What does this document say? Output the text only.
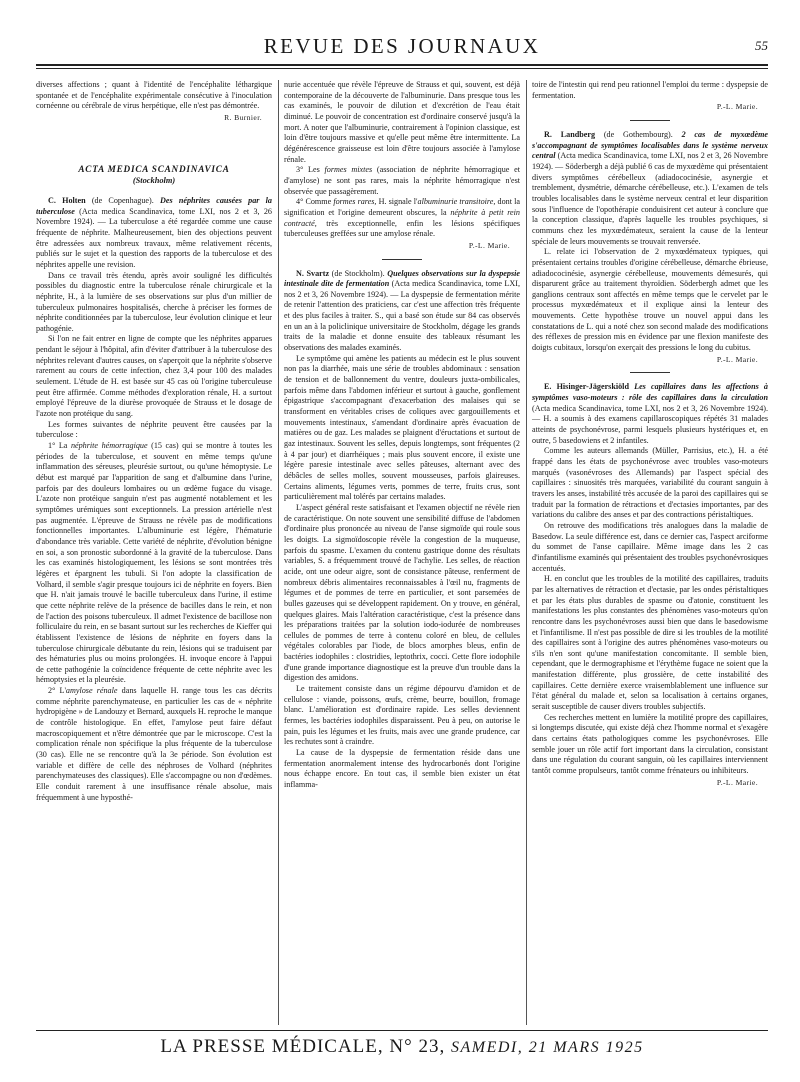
REVUE DES JOURNAUX	55

diverses affections ; quant à l'identité de l'encéphalite léthargique spontanée et de l'encéphalite expérimentale consécutive à l'inoculation cornéenne ou cérébrale de virus herpétique, elle n'est pas démontrée.

R. Burnier.
ACTA MEDICA SCANDINAVICA
(Stockholm)

C. Holten (de Copenhague). Des néphrites causées par la tuberculose (Acta medica Scandinavica, tome LXI, nos 2 et 3, 26 Novembre 1924). — La tuberculose a été regardée comme une cause fréquente de néphrite. Malheureusement, bien des objections peuvent être adressées aux nombreux travaux, même relativement récents, publiés sur le sujet et la question des rapports de la tuberculose et des néphrites appelle une revision.

Dans ce travail très étendu, après avoir souligné les difficultés possibles du diagnostic entre la tuberculose rénale chirurgicale et la néphrite, H., à la lumière de ses observations sur plus d'un millier de tuberculeux pulmonaires hospitalisés, cherche à préciser les formes de néphrite conditionnées par la tuberculose, leur évolution clinique et leur pathogénie.

Si l'on ne fait entrer en ligne de compte que les néphrites apparues pendant le séjour à l'hôpital, afin d'éviter d'attribuer à la tuberculose des néphrites relevant d'autres causes, on s'aperçoit que la néphrite s'observe rarement au cours de cette infection, chez 3,4 pour 100 des malades seulement. L'étude de H. est basée sur 45 cas où l'origine tuberculeuse peut être affirmée. Comme méthodes d'exploration rénale, H. a surtout employé l'épreuve de la diurèse provoquée de Strauss et le dosage de l'azote non protéique du sang.

Les formes suivantes de néphrite peuvent être causées par la tuberculose :

1° La néphrite hémorragique (15 cas) qui se montre à toutes les périodes de la tuberculose, et souvent en même temps qu'une inflammation des séreuses, pleurésie surtout, ou qu'une hémoptysie. Le début est marqué par l'apparition de sang et d'albumine dans l'urine, parfois par des douleurs lombaires ou un œdème fugace du visage. L'azote non protéique sanguin n'est pas augmenté notablement et les symptômes urémiques sont exceptionnels. La pression artérielle n'est pas augmentée. L'épreuve de Strauss ne révèle pas de modifications fonctionnelles importantes. L'albuminurie est légère, l'hématurie d'abondance très variable. Cette variété de néphrite, d'évolution bénigne en soi, a son pronostic subordonné à la gravité de la tuberculose. Dans les cas examinés histologiquement, les lésions se sont montrées très légères et épargnent les tubuli. Si l'on adopte la classification de Volhard, il semble s'agir presque toujours ici de néphrite en foyers. Bien que H. n'ait jamais trouvé le bacille tuberculeux dans l'urine, il estime que cette néphrite relève de la présence de bacilles dans le rein, et non de l'action des poisons tuberculeux. Il admet l'existence de bacillose non folliculaire du rein, en se basant surtout sur les recherches de Kieffer qui établissent l'existence de lésions de néphrite en foyers dans la tuberculose chirurgicale débutante du rein, lésions qui se traduisent par des hématuries plus ou moins prolongées. H. invoque encore à l'appui de cette pathogénie la coïncidence fréquente de cette néphrite avec les hémoptysies et la pleurésie.

2° L'amylose rénale dans laquelle H. range tous les cas décrits comme néphrite parenchymateuse, en particulier les cas de « néphrite hydropigène » de Landouzy et Bernard, auxquels H. reproche le manque de contrôle histologique. En effet, l'amylose peut faire défaut macroscopiquement et n'être démontrée que par le microscope. C'est la complication rénale non spécifique la plus fréquente de la tuberculose (30 cas). Elle ne se rencontre qu'à la 3e période. Son évolution est variable et diffère de celle des néphroses de Volhard (néphrites parenchymateuses des classiques). Elle s'accompagne ou non d'œdèmes. Elle conduit rarement à une insuffisance rénale absolue, mais fréquemment à une hyposthé-

nurie accentuée que révèle l'épreuve de Strauss et qui, souvent, est déjà contemporaine de la découverte de l'albuminurie. Dans presque tous les cas examinés, le pouvoir de dilution et d'excrétion de l'eau était diminué. Le pouvoir de concentration est d'ordinaire conservé jusqu'à la mort. A noter que l'albuminurie, contrairement à l'opinion classique, est loin d'être toujours massive et qu'elle peut même être intermittente. La dégénérescence graisseuse est loin d'être toujours associée à l'amylose rénale.

3° Les formes mixtes (association de néphrite hémorragique et d'amylose) ne sont pas rares, mais la néphrite hémorragique n'est observée que passagèrement.

4° Comme formes rares, H. signale l'albuminurie transitoire, dont la signification et l'origine demeurent obscures, la néphrite à petit rein contracté, très exceptionnelle, enfin les lésions spécifiques tuberculeuses greffées sur une amylose rénale.

P.-L. Marie.

N. Svartz (de Stockholm). Quelques observations sur la dyspepsie intestinale dite de fermentation (Acta medica Scandinavica, tome LXI, nos 2 et 3, 26 Novembre 1924). — La dyspepsie de fermentation mérite de retenir l'attention des praticiens, car c'est une affection très fréquente et des plus faciles à traiter. S., qui a basé son étude sur 84 cas observés en un an à la policlinique universitaire de Stockholm, dégage les grands traits de la maladie et donne ensuite des tableaux résumant les observations des malades examinés.

Le symptôme qui amène les patients au médecin est le plus souvent non pas la diarrhée, mais une série de troubles abdominaux : sensation de tension et de ballonnement du ventre, douleurs juxta-ombilicales, parfois même dans l'abdomen inférieur et surtout à gauche, gonflement épigastrique s'accompagnant d'exacerbation des malaises qui se transforment en véritables crises de coliques avec gargouillements et mouvements intestinaux, s'amendant d'ordinaire après évacuation de matières ou de gaz. Les malades se plaignent d'éructations et surtout de gaz intestinaux. Souvent les selles, depuis longtemps, sont fréquentes (2 à 4 par jour) et diarrhéiques ; mais plus souvent encore, il existe une légère paresie intestinale avec selles pâteuses, alternant avec des débâcles de selles molles, souvent mousseuses, parfois glaireuses. Certains aliments, légumes verts, pommes de terre, fruits crus, sont particulièrement mal tolérés par certains malades.

L'aspect général reste satisfaisant et l'examen objectif ne révèle rien de caractéristique. On note souvent une sensibilité diffuse de l'abdomen d'ordinaire plus prononcée au niveau de l'anse sigmoïde qui roule sous les doigts. La sigmoïdoscopie révèle la congestion de la muqueuse, parfois du spasme. L'examen du contenu gastrique donne des résultats variables, S. a fréquemment trouvé de l'achylie. Les selles, de réaction acide, ont une odeur aigre, sont de consistance pâteuse, renferment de nombreux débris alimentaires reconnaissables à l'œil nu, fragments de légumes et de pommes de terre en particulier, et sont parsemées de bulles gazeuses qui se développent rapidement. On y trouve, en général, quelques glaires. Mais l'altération caractéristique, c'est la présence dans les préparations traitées par la solution iodo-iodurée de nombreuses cellules de pommes de terre à contenu coloré en bleu, de cellules végétales colorables par l'iode, de blocs amorphes bleus, enfin de bactéries iodophiles : clostridies, leptothrix, cocci. Cette flore iodophile d'une grande importance diagnostique est la preuve d'un trouble dans la digestion des amidons.

Le traitement consiste dans un régime dépourvu d'amidon et de cellulose : viande, poissons, œufs, crème, beurre, bouillon, fromage blanc. L'amélioration est d'ordinaire rapide. Les selles deviennent fermes, les bactéries iodophiles disparaissent. Peu à peu, on autorise le pain, puis les légumes et les fruits, mais avec une grande prudence, car les rechutes sont à craindre.

La cause de la dyspepsie de fermentation réside dans une fermentation anormalement intense des hydrocarbonés dont l'origine nous échappe encore. En tout cas, il semble bien exister un état inflamma-

toire de l'intestin qui rend peu rationnel l'emploi du terme : dyspepsie de fermentation.

P.-L. Marie.

R. Landberg (de Gothembourg). 2 cas de myxœdème s'accompagnant de symptômes localisables dans le système nerveux central (Acta medica Scandinavica, tome LXI, nos 2 et 3, 26 Novembre 1924). — Söderbergh a déjà publié 6 cas de myxœdème qui présentaient divers symptômes cérébelleux (adiadococinésie, asynergie et tremblement, dysmétrie, démarche cérébelleuse, etc.). L'examen de tels troubles localisables dans le système nerveux central et leur disparition sous l'influence de l'opothérapie conduisirent cet auteur à conclure que la conception classique, d'après laquelle les troubles psychiques, si communs chez les myxœdémateux, seraient la cause de la lenteur spéciale de leurs mouvements se trouvait renversée.

L. relate ici l'observation de 2 myxœdémateux typiques, qui présentaient certains troubles d'origine cérébelleuse, démarche ébrieuse, adiadococinésie, asynergie cérébelleuse, mouvements démesurés, qui disparurent grâce au traitement thyroïdien. Söderbergh admet que les ganglions centraux sont affectés en même temps que le cervelet par le processus myxœdémateux et il explique ainsi la lenteur des mouvements. Cette hypothèse trouve un nouvel appui dans les constatations de L. qui a noté chez son second malade des modifications des réflexes de pression mis en évidence par une flexion manifeste des doigts cubitaux, lorsqu'on exerçait des pressions le long du cubitus.

P.-L. Marie.

E. Hisinger-Jägerskiöld Les capillaires dans les affections à symptômes vaso-moteurs : rôle des capillaires dans la circulation (Acta medica Scandinavica, tome LXI, nos 2 et 3, 26 Novembre 1924). — H. a soumis à des examens capillaroscopiques répétés 31 malades atteints de psychonévrose, parmi lesquels plusieurs hystériques et, en outre, 5 basedowiens et 2 infantiles.

Comme les auteurs allemands (Müller, Parrisius, etc.), H. a été frappé dans les états de psychonévrose avec troubles vaso-moteurs marqués (vasonévroses des Allemands) par l'aspect spécial des capillaires : sinuosités très marquées, variabilité du courant sanguin à travers les anses, instabilité très accusée de la paroi des capillaires qui se traduit par la formation de rétractions et d'ectasies importantes, par des variations du calibre des anses et par des contractions péristaltiques.

On retrouve des modifications très analogues dans la maladie de Basedow. La seule différence est, dans ce dernier cas, l'aspect arciforme du sommet de l'anse capillaire. Même image dans les 2 cas d'infantilisme examinés qui présentaient des troubles psychonévrosiques accentués.

H. en conclut que les troubles de la motilité des capillaires, traduits par les alternatives de rétraction et d'ectasie, par les ondes péristaltiques et par les états plus durables de spasme ou d'atonie, constituent les manifestations les plus constantes des phénomènes vaso-moteurs qu'on rencontre dans les psychonévroses aussi bien que dans le basedowisme et l'infantilisme. Il n'est pas possible de dire si les troubles de la motilité des capillaires sont à l'origine des autres phénomènes vaso-moteurs ou s'ils n'en sont qu'une manifestation concomitante. Il semble bien, cependant, que le dermographisme et l'érythème fugace ne soient que la manifestation différente, plus grossière, de cette instabilité des capillaires. Cette dernière exerce vraisemblablement une influence sur l'état général du malade et, selon sa localisation à certains organes, serait susceptible de causer divers troubles subjectifs.

Ces recherches mettent en lumière la motilité propre des capillaires, si longtemps discutée, qui existe déjà chez l'homme normal et s'exagère dans certains états pathologiques comme les psychonévroses. Elle semble jouer un rôle actif fort important dans la circulation, consistant dans une régulation du courant sanguin, où les capillaires interviennent tantôt comme propulseurs, tantôt comme frénateurs ou inhibiteurs.

P.-L. Marie.
LA PRESSE MÉDICALE, N° 23, SAMEDI, 21 MARS 1925
